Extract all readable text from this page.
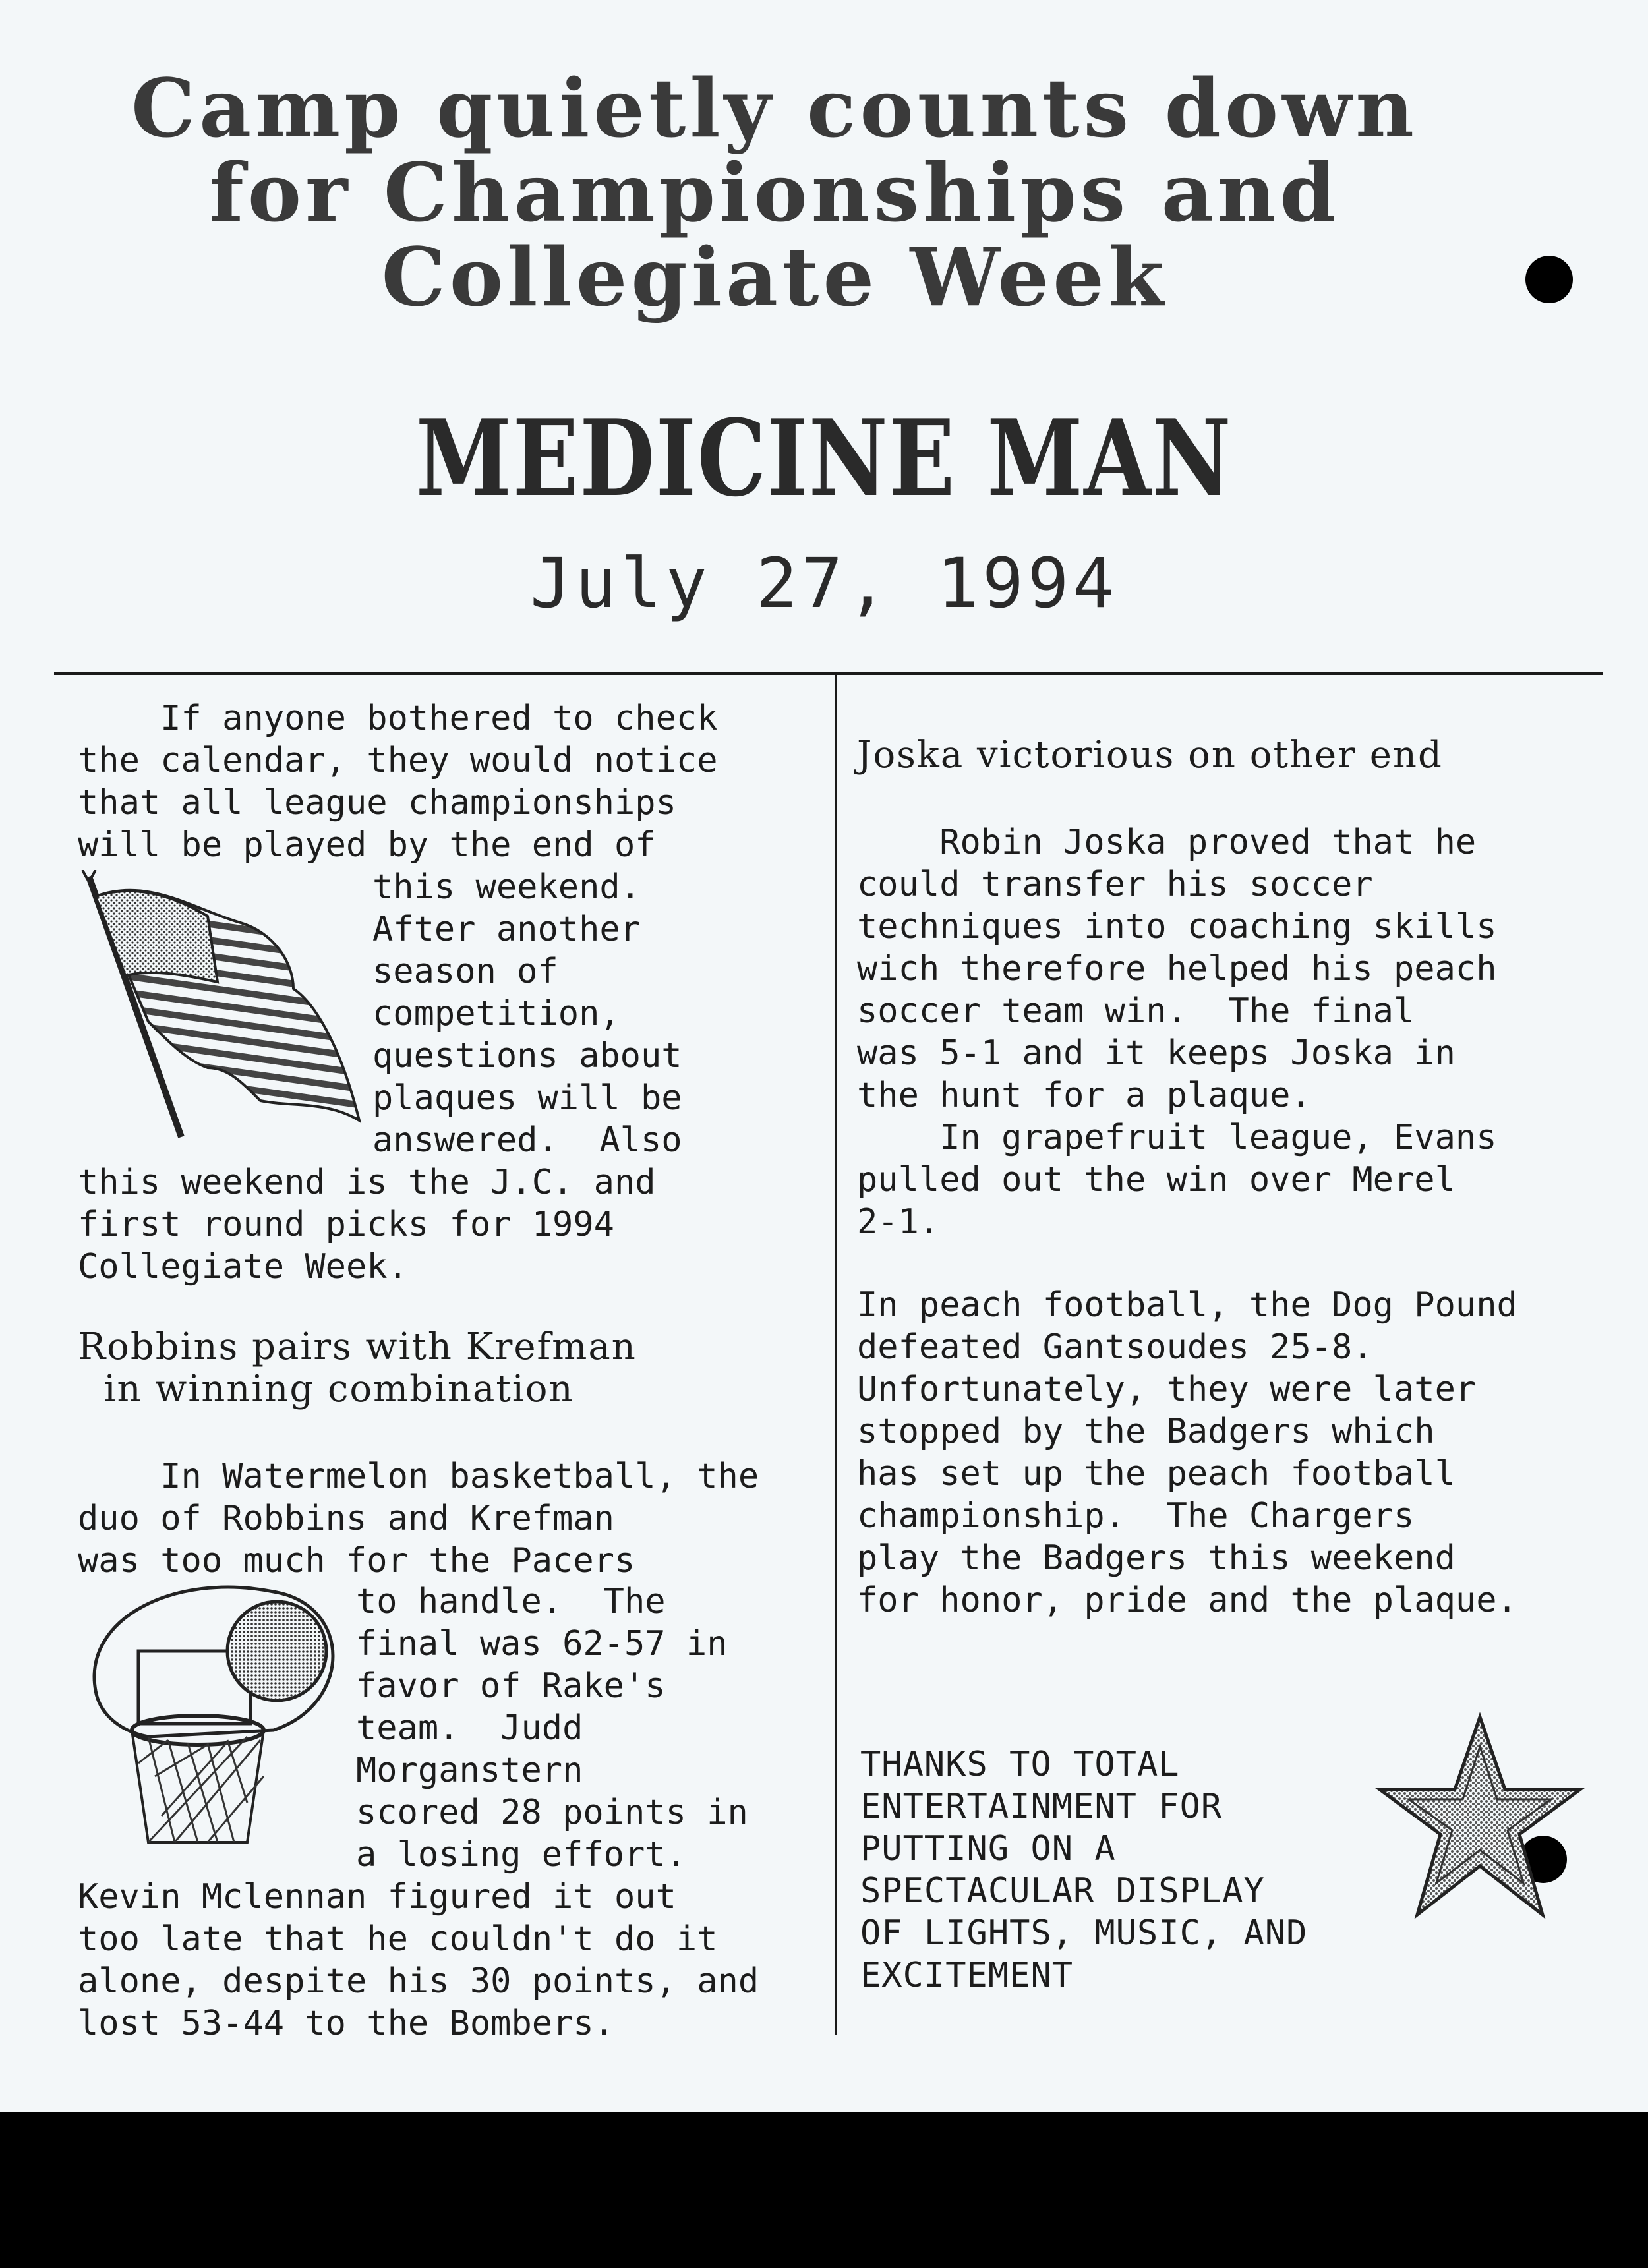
Camp quietly counts down
for Championships and
Collegiate Week
MEDICINE MAN
July 27, 1994
If anyone bothered to check
the calendar, they would notice
that all league championships
will be played by the end of
this weekend.
After another
season of
competition,
questions about
plaques will be
answered.  Also
this weekend is the J.C. and
first round picks for 1994
Collegiate Week.
Robbins pairs with Krefman
in winning combination
In Watermelon basketball, the
duo of Robbins and Krefman
was too much for the Pacers
to handle.  The
final was 62-57 in
favor of Rake's
team.  Judd
Morganstern
scored 28 points in
a losing effort.
Kevin Mclennan figured it out
too late that he couldn't do it
alone, despite his 30 points, and
lost 53-44 to the Bombers.
Joska victorious on other end
Robin Joska proved that he
could transfer his soccer
techniques into coaching skills
wich therefore helped his peach
soccer team win.  The final
was 5-1 and it keeps Joska in
the hunt for a plaque.
In grapefruit league, Evans
pulled out the win over Merel
2-1.
In peach football, the Dog Pound
defeated Gantsoudes 25-8.
Unfortunately, they were later
stopped by the Badgers which
has set up the peach football
championship.  The Chargers
play the Badgers this weekend
for honor, pride and the plaque.
THANKS TO TOTAL
ENTERTAINMENT FOR
PUTTING ON A
SPECTACULAR DISPLAY
OF LIGHTS, MUSIC, AND
EXCITEMENT
